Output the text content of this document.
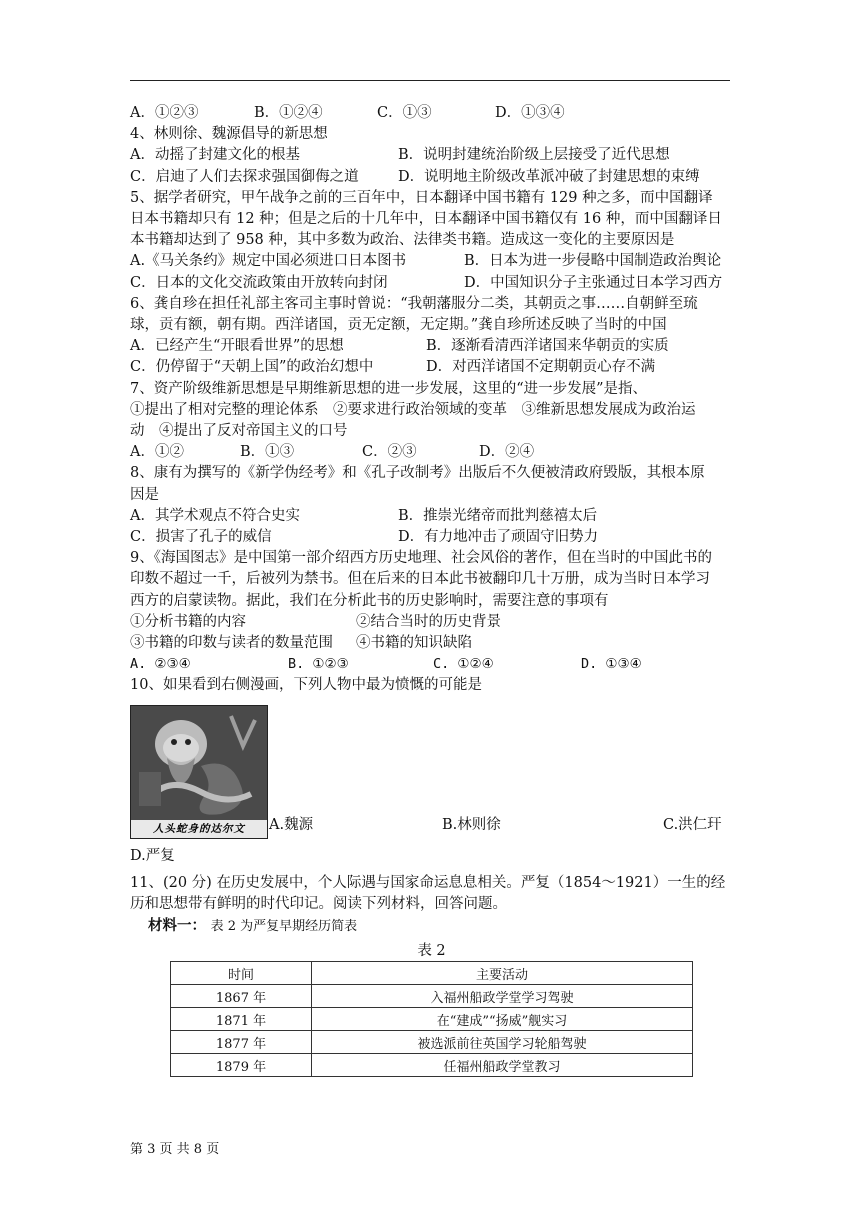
A．①②③	B．①②④	C．①③	D．①③④
4、林则徐、魏源倡导的新思想
A．动摇了封建文化的根基	B．说明封建统治阶级上层接受了近代思想
C．启迪了人们去探求强国御侮之道	D．说明地主阶级改革派冲破了封建思想的束缚
5、据学者研究，甲午战争之前的三百年中，日本翻译中国书籍有 129 种之多，而中国翻译
日本书籍却只有 12 种；但是之后的十几年中，日本翻译中国书籍仅有 16 种，而中国翻译日
本书籍却达到了 958 种，其中多数为政治、法律类书籍。造成这一变化的主要原因是
A.《马关条约》规定中国必须进口日本图书	B．日本为进一步侵略中国制造政治舆论
C．日本的文化交流政策由开放转向封闭	D．中国知识分子主张通过日本学习西方
6、龚自珍在担任礼部主客司主事时曾说：“我朝藩服分二类，其朝贡之事……自朝鲜至琉
球，贡有额，朝有期。西洋诸国，贡无定额，无定期。”龚自珍所述反映了当时的中国
A．已经产生“开眼看世界”的思想	B．逐渐看清西洋诸国来华朝贡的实质
C．仍停留于“天朝上国”的政治幻想中	D．对西洋诸国不定期朝贡心存不满
7、资产阶级维新思想是早期维新思想的进一步发展，这里的“进一步发展”是指、
①提出了相对完整的理论体系　②要求进行政治领域的变革　③维新思想发展成为政治运
动　④提出了反对帝国主义的口号
A．①②	B．①③	C．②③	D．②④
8、康有为撰写的《新学伪经考》和《孔子改制考》出版后不久便被清政府毁版，其根本原
因是
A．其学术观点不符合史实	B．推崇光绪帝而批判慈禧太后
C．损害了孔子的威信	D．有力地冲击了顽固守旧势力
9、《海国图志》是中国第一部介绍西方历史地理、社会风俗的著作，但在当时的中国此书的
印数不超过一千，后被列为禁书。但在后来的日本此书被翻印几十万册，成为当时日本学习
西方的启蒙读物。据此，我们在分析此书的历史影响时，需要注意的事项有
①分析书籍的内容	②结合当时的历史背景
③书籍的印数与读者的数量范围 ④书籍的知识缺陷
A. ②③④	B. ①②③	C. ①②④	D. ①③④
10、如果看到右侧漫画，下列人物中最为愤慨的可能是
人头蛇身的达尔文	A.魏源	B.林则徐	C.洪仁玕
D.严复
11、(20 分) 在历史发展中，个人际遇与国家命运息息相关。严复（1854～1921）一生的经
历和思想带有鲜明的时代印记。阅读下列材料，回答问题。
材料一： 表 2 为严复早期经历简表
表 2
时间	主要活动
1867 年	入福州船政学堂学习驾驶
1871 年	在“建成”“扬威”舰实习
1877 年	被选派前往英国学习轮船驾驶
1879 年	任福州船政学堂教习
第 3 页 共 8 页
